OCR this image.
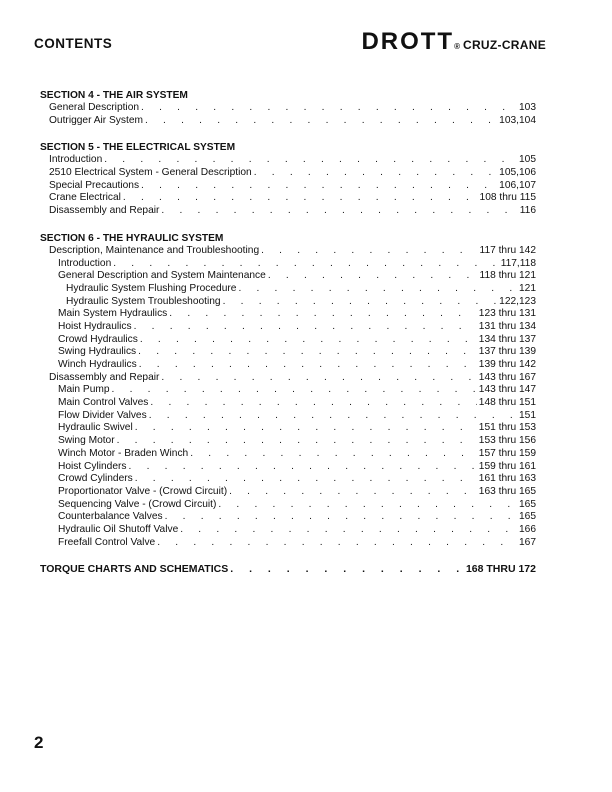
CONTENTS	DROTT® CRUZ-CRANE
SECTION 4 - THE AIR SYSTEM
General Description . . .	103
Outrigger Air System . . .	103,104
SECTION 5 - THE ELECTRICAL SYSTEM
Introduction . . .	105
2510 Electrical System - General Description . . .	105,106
Special Precautions . . .	106,107
Crane Electrical . . .	108 thru 115
Disassembly and Repair . . .	116
SECTION 6 - THE HYRAULIC SYSTEM
Description, Maintenance and Troubleshooting . . .	117 thru 142
Introduction . . .	117,118
General Description and System Maintenance . . .	118 thru 121
Hydraulic System Flushing Procedure . . .	121
Hydraulic System Troubleshooting . . .	122,123
Main System Hydraulics . . .	123 thru 131
Hoist Hydraulics . . .	131 thru 134
Crowd Hydraulics . . .	134 thru 137
Swing Hydraulics . . .	137 thru 139
Winch Hydraulics . . .	139 thru 142
Disassembly and Repair . . .	143 thru 167
Main Pump . . .	143 thru 147
Main Control Valves . . .	148 thru 151
Flow Divider Valves . . .	151
Hydraulic Swivel . . .	151 thru 153
Swing Motor . . .	153 thru 156
Winch Motor - Braden Winch . . .	157 thru 159
Hoist Cylinders . . .	159 thru 161
Crowd Cylinders . . .	161 thru 163
Proportionator Valve - (Crowd Circuit) . . .	163 thru 165
Sequencing Valve - (Crowd Circuit) . . .	165
Counterbalance Valves . . .	165
Hydraulic Oil Shutoff Valve . . .	166
Freefall Control Valve . . .	167
TORQUE CHARTS AND SCHEMATICS . . .	168 THRU 172
2
